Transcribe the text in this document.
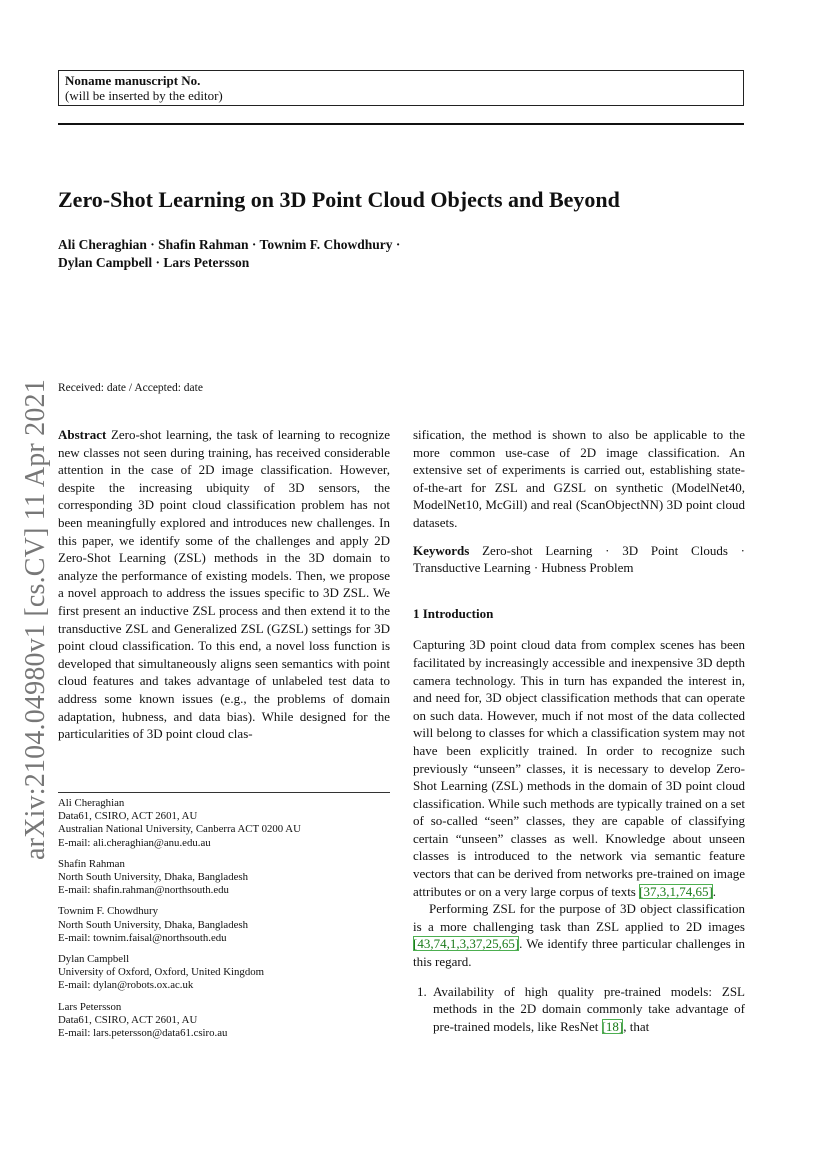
Noname manuscript No.
(will be inserted by the editor)
Zero-Shot Learning on 3D Point Cloud Objects and Beyond
Ali Cheraghian · Shafin Rahman · Townim F. Chowdhury ·
Dylan Campbell · Lars Petersson
arXiv:2104.04980v1 [cs.CV] 11 Apr 2021 Received: date / Accepted: date

Abstract Zero-shot learning, the task of learning to recognize new classes not seen during training, has received considerable attention in the case of 2D image classification. However, despite the increasing ubiquity of 3D sensors, the corresponding 3D point cloud classification problem has not been meaningfully explored and introduces new challenges. In this paper, we identify some of the challenges and apply 2D Zero-Shot Learning (ZSL) methods in the 3D domain to analyze the performance of existing models. Then, we propose a novel approach to address the issues specific to 3D ZSL. We first present an inductive ZSL process and then extend it to the transductive ZSL and Generalized ZSL (GZSL) settings for 3D point cloud classification. To this end, a novel loss function is developed that simultaneously aligns seen semantics with point cloud features and takes advantage of unlabeled test data to address some known issues (e.g., the problems of domain adaptation, hubness, and data bias). While designed for the particularities of 3D point cloud clas-

Ali Cheraghian
Data61, CSIRO, ACT 2601, AU
Australian National University, Canberra ACT 0200 AU
E-mail: ali.cheraghian@anu.edu.au
Shafin Rahman
North South University, Dhaka, Bangladesh
E-mail: shafin.rahman@northsouth.edu
Townim F. Chowdhury
North South University, Dhaka, Bangladesh
E-mail: townim.faisal@northsouth.edu
Dylan Campbell
University of Oxford, Oxford, United Kingdom
E-mail: dylan@robots.ox.ac.uk
Lars Petersson
Data61, CSIRO, ACT 2601, AU
E-mail: lars.petersson@data61.csiro.au

sification, the method is shown to also be applicable to the more common use-case of 2D image classification. An extensive set of experiments is carried out, establishing state-of-the-art for ZSL and GZSL on synthetic (ModelNet40, ModelNet10, McGill) and real (ScanObjectNN) 3D point cloud datasets.

Keywords Zero-shot Learning · 3D Point Clouds · Transductive Learning · Hubness Problem

1 Introduction

Capturing 3D point cloud data from complex scenes has been facilitated by increasingly accessible and inexpensive 3D depth camera technology. This in turn has expanded the interest in, and need for, 3D object classification methods that can operate on such data. However, much if not most of the data collected will belong to classes for which a classification system may not have been explicitly trained. In order to recognize such previously “unseen” classes, it is necessary to develop Zero-Shot Learning (ZSL) methods in the domain of 3D point cloud classification. While such methods are typically trained on a set of so-called “seen” classes, they are capable of classifying certain “unseen” classes as well. Knowledge about unseen classes is introduced to the network via semantic feature vectors that can be derived from networks pre-trained on image attributes or on a very large corpus of texts [37,3,1,74,65].

Performing ZSL for the purpose of 3D object classification is a more challenging task than ZSL applied to 2D images [43,74,1,3,37,25,65]. We identify three particular challenges in this regard.

1. Availability of high quality pre-trained models: ZSL methods in the 2D domain commonly take advantage of pre-trained models, like ResNet [18], that
